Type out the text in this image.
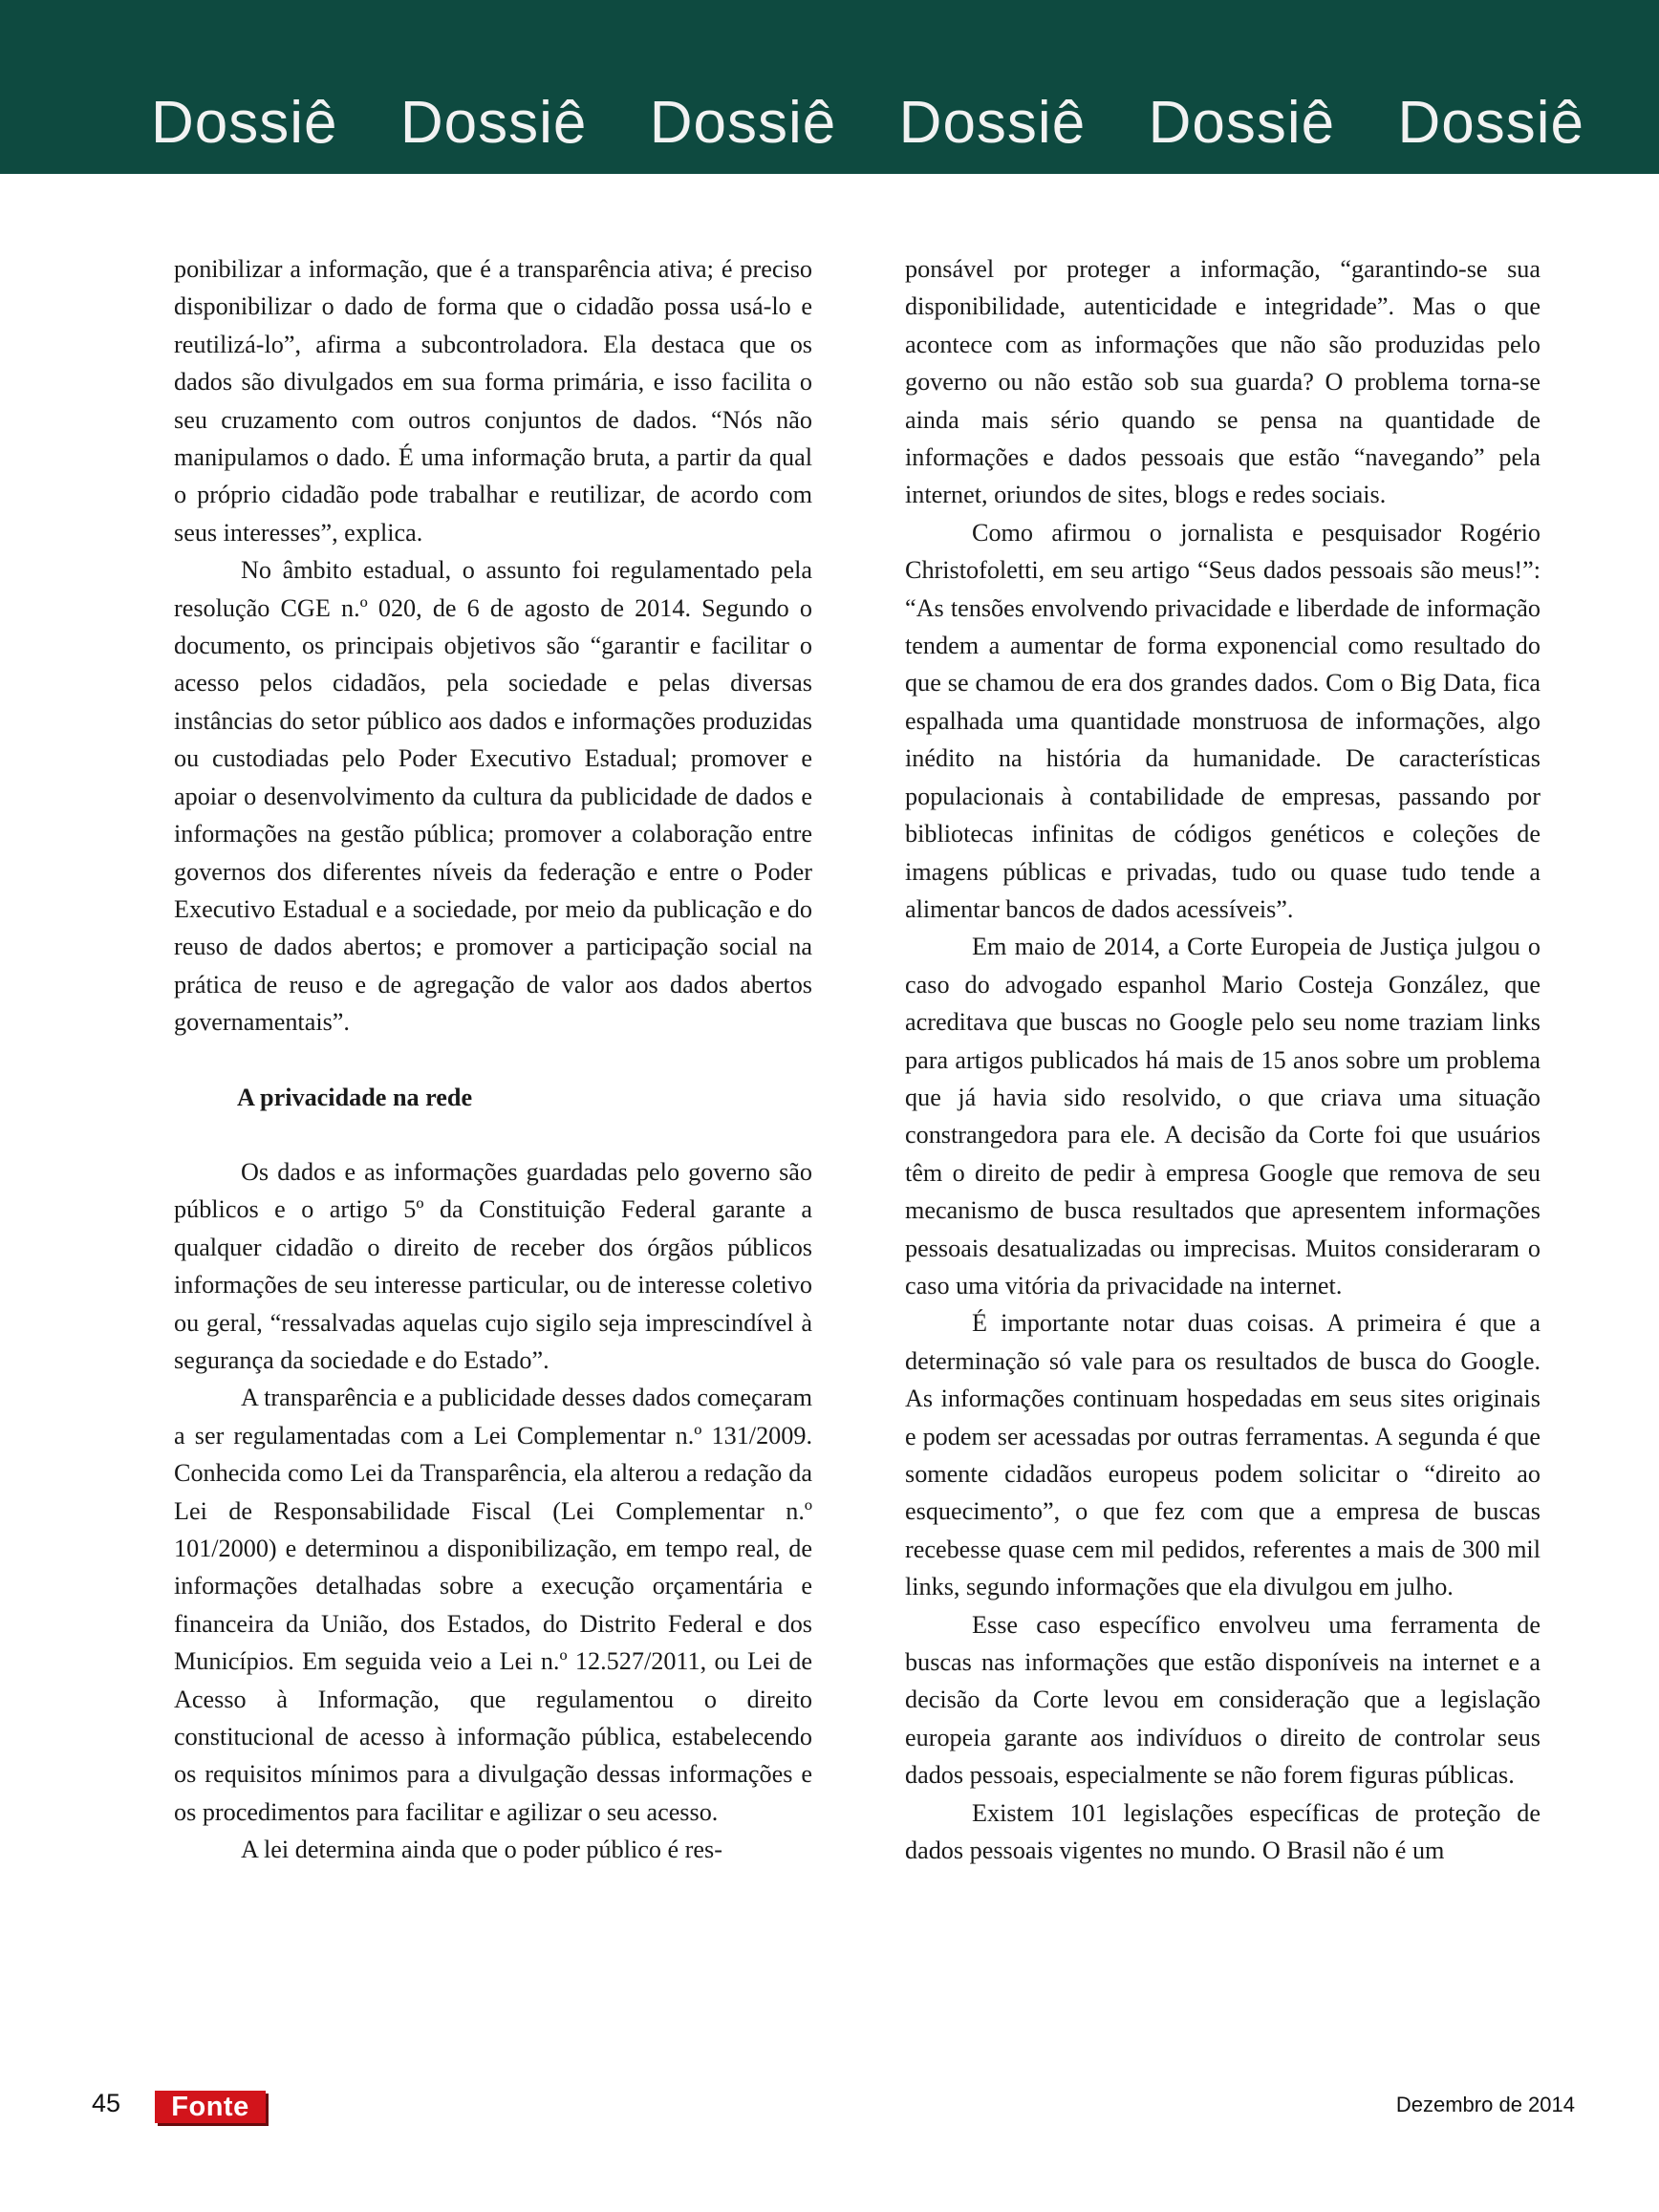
Dossiê Dossiê Dossiê Dossiê Dossiê Dossiê

ponibilizar a informação, que é a transparência ativa; é preciso disponibilizar o dado de forma que o cidadão possa usá-lo e reutilizá-lo”, afirma a subcontroladora. Ela destaca que os dados são divulgados em sua forma primária, e isso facilita o seu cruzamento com outros conjuntos de dados. “Nós não manipulamos o dado. É uma informação bruta, a partir da qual o próprio cidadão pode trabalhar e reutilizar, de acordo com seus interesses”, explica.

No âmbito estadual, o assunto foi regulamentado pela resolução CGE n.º 020, de 6 de agosto de 2014. Segundo o documento, os principais objetivos são “garantir e facilitar o acesso pelos cidadãos, pela sociedade e pelas diversas instâncias do setor público aos dados e informações produzidas ou custodiadas pelo Poder Executivo Estadual; promover e apoiar o desenvolvimento da cultura da publicidade de dados e informações na gestão pública; promover a colaboração entre governos dos diferentes níveis da federação e entre o Poder Executivo Estadual e a sociedade, por meio da publicação e do reuso de dados abertos; e promover a participação social na prática de reuso e de agregação de valor aos dados abertos governamentais”.

A privacidade na rede

Os dados e as informações guardadas pelo governo são públicos e o artigo 5º da Constituição Federal garante a qualquer cidadão o direito de receber dos órgãos públicos informações de seu interesse particular, ou de interesse coletivo ou geral, “ressalvadas aquelas cujo sigilo seja imprescindível à segurança da sociedade e do Estado”.

A transparência e a publicidade desses dados começaram a ser regulamentadas com a Lei Complementar n.º 131/2009. Conhecida como Lei da Transparência, ela alterou a redação da Lei de Responsabilidade Fiscal (Lei Complementar n.º 101/2000) e determinou a disponibilização, em tempo real, de informações detalhadas sobre a execução orçamentária e financeira da União, dos Estados, do Distrito Federal e dos Municípios. Em seguida veio a Lei n.º 12.527/2011, ou Lei de Acesso à Informação, que regulamentou o direito constitucional de acesso à informação pública, estabelecendo os requisitos mínimos para a divulgação dessas informações e os procedimentos para facilitar e agilizar o seu acesso.

A lei determina ainda que o poder público é res-

ponsável por proteger a informação, “garantindo-se sua disponibilidade, autenticidade e integridade”. Mas o que acontece com as informações que não são produzidas pelo governo ou não estão sob sua guarda? O problema torna-se ainda mais sério quando se pensa na quantidade de informações e dados pessoais que estão “navegando” pela internet, oriundos de sites, blogs e redes sociais.

Como afirmou o jornalista e pesquisador Rogério Christofoletti, em seu artigo “Seus dados pessoais são meus!”: “As tensões envolvendo privacidade e liberdade de informação tendem a aumentar de forma exponencial como resultado do que se chamou de era dos grandes dados. Com o Big Data, fica espalhada uma quantidade monstruosa de informações, algo inédito na história da humanidade. De características populacionais à contabilidade de empresas, passando por bibliotecas infinitas de códigos genéticos e coleções de imagens públicas e privadas, tudo ou quase tudo tende a alimentar bancos de dados acessíveis”.

Em maio de 2014, a Corte Europeia de Justiça julgou o caso do advogado espanhol Mario Costeja González, que acreditava que buscas no Google pelo seu nome traziam links para artigos publicados há mais de 15 anos sobre um problema que já havia sido resolvido, o que criava uma situação constrangedora para ele. A decisão da Corte foi que usuários têm o direito de pedir à empresa Google que remova de seu mecanismo de busca resultados que apresentem informações pessoais desatualizadas ou imprecisas. Muitos consideraram o caso uma vitória da privacidade na internet.

É importante notar duas coisas. A primeira é que a determinação só vale para os resultados de busca do Google. As informações continuam hospedadas em seus sites originais e podem ser acessadas por outras ferramentas. A segunda é que somente cidadãos europeus podem solicitar o “direito ao esquecimento”, o que fez com que a empresa de buscas recebesse quase cem mil pedidos, referentes a mais de 300 mil links, segundo informações que ela divulgou em julho.

Esse caso específico envolveu uma ferramenta de buscas nas informações que estão disponíveis na internet e a decisão da Corte levou em consideração que a legislação europeia garante aos indivíduos o direito de controlar seus dados pessoais, especialmente se não forem figuras públicas.

Existem 101 legislações específicas de proteção de dados pessoais vigentes no mundo. O Brasil não é um

45	Fonte	Dezembro de 2014
